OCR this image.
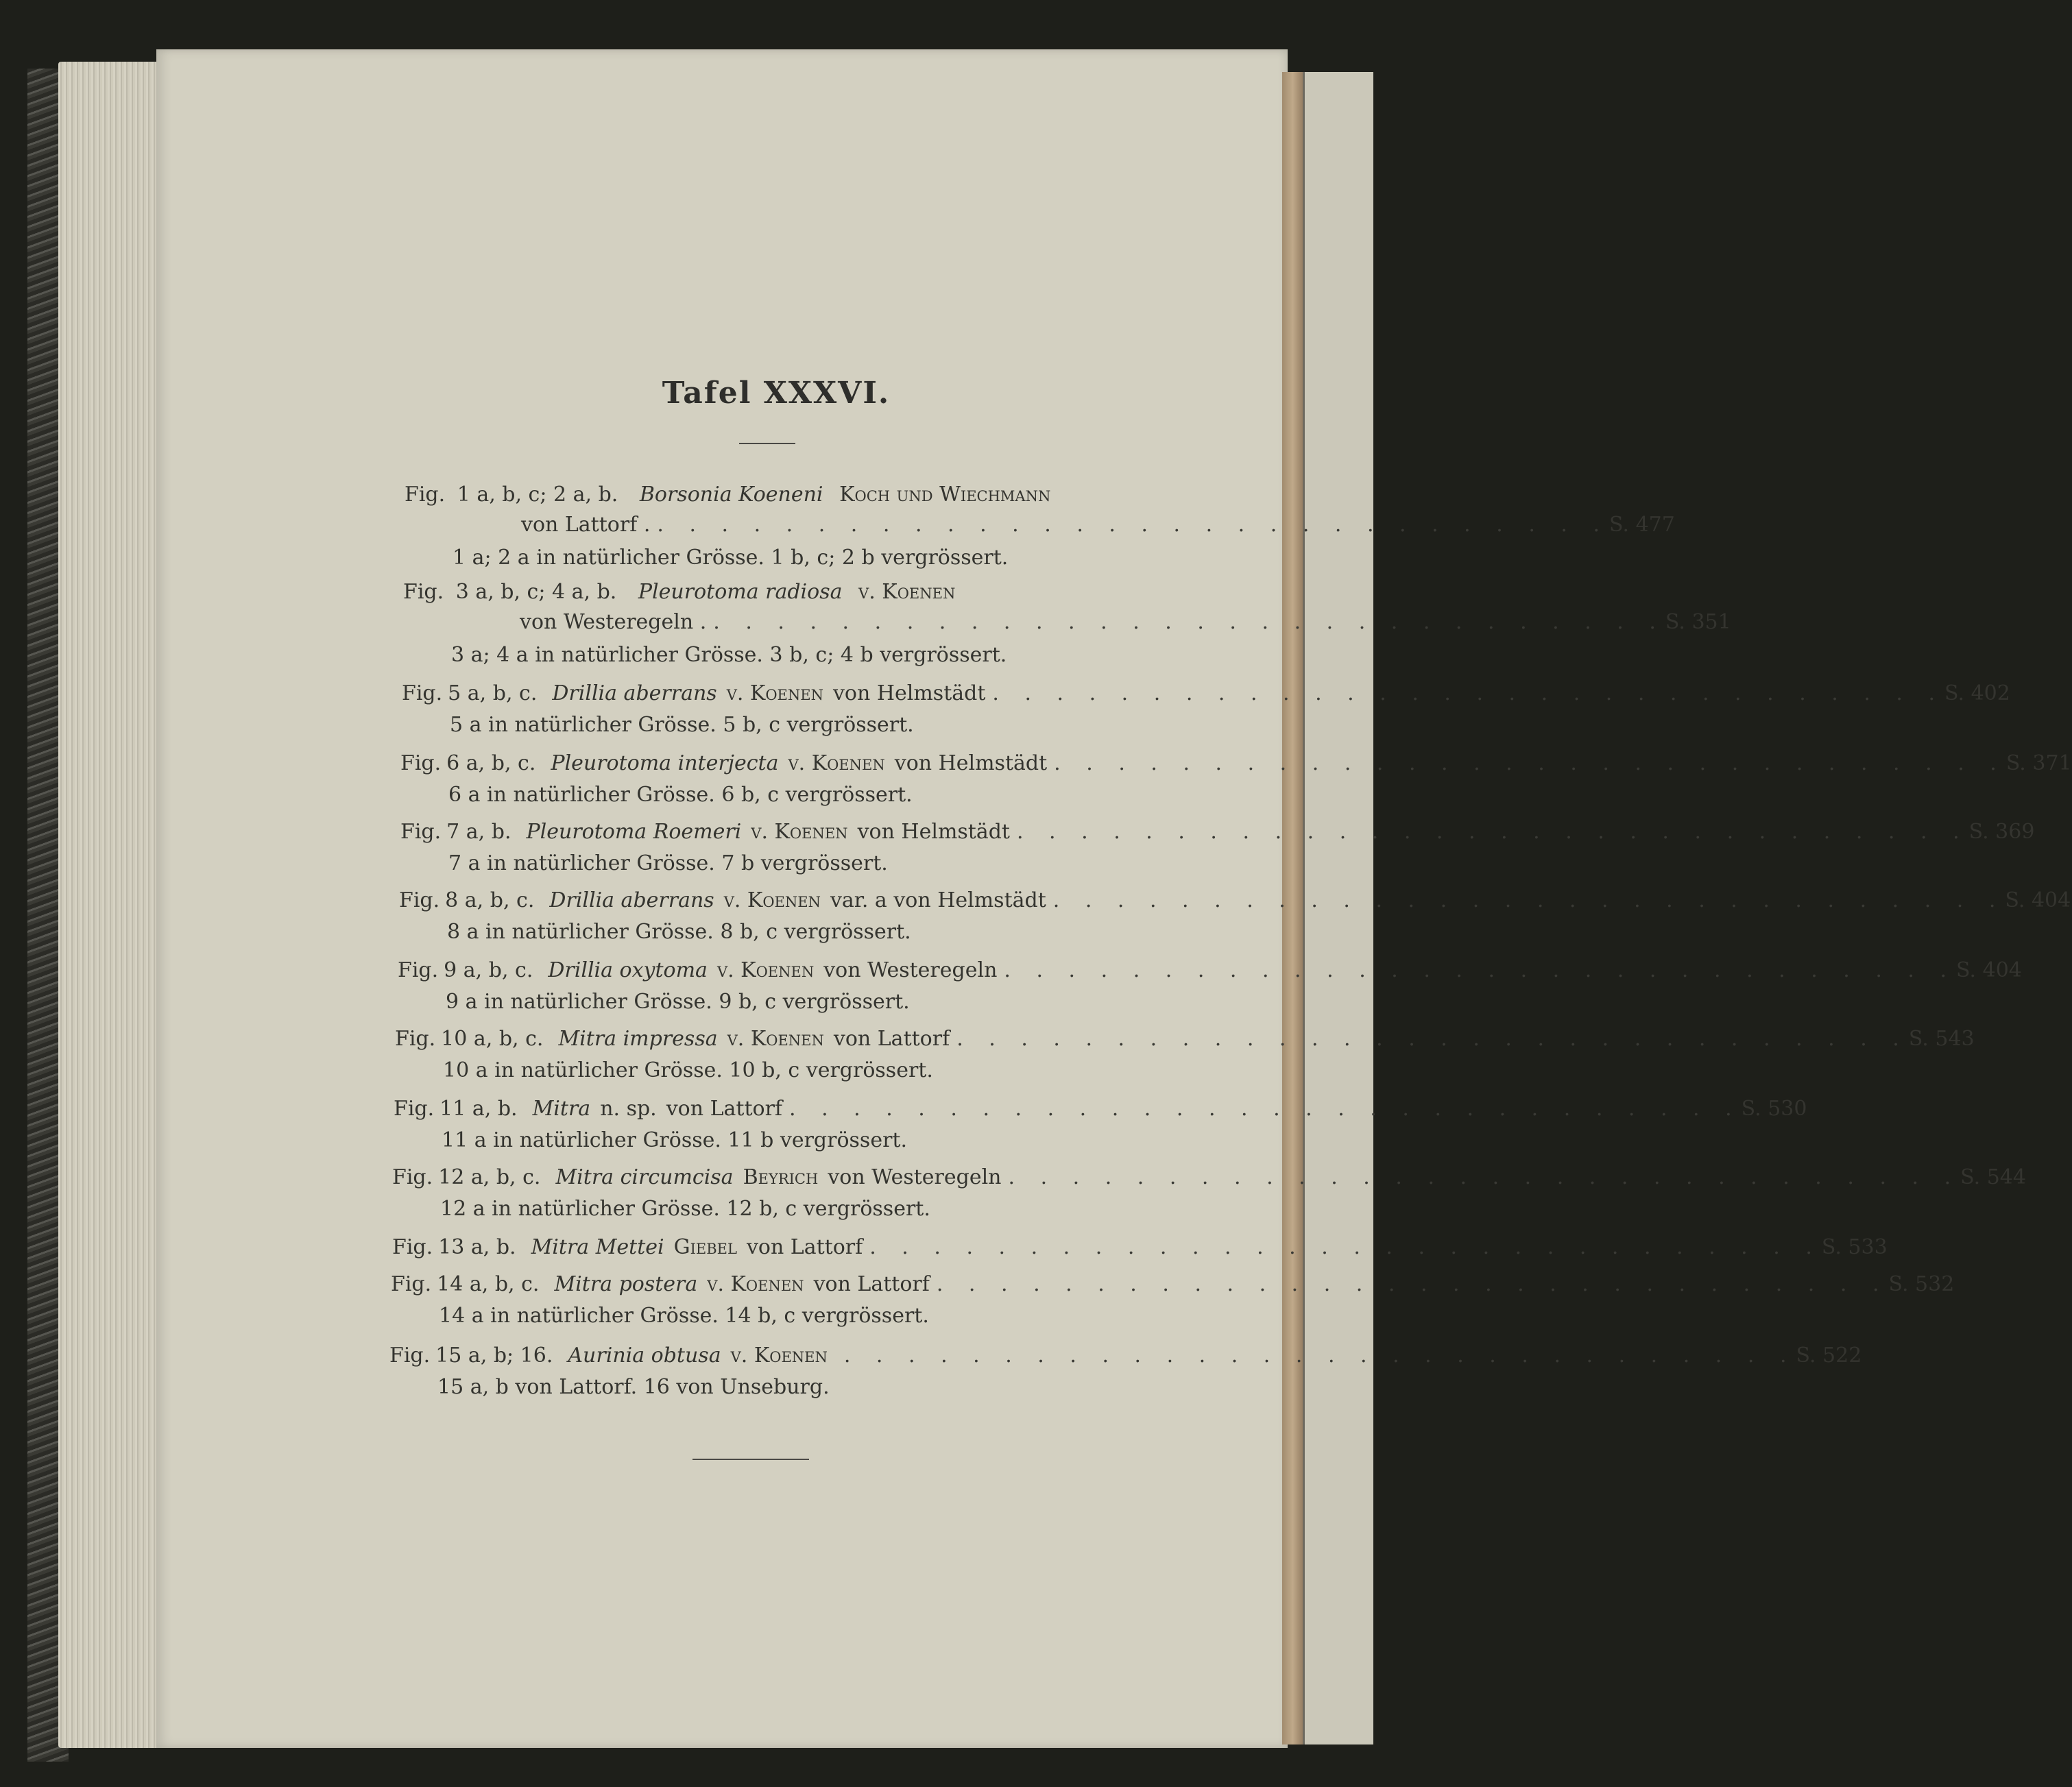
Tafel XXXVI.
Fig. 1 a, b, c; 2 a, b. Borsonia Koeneni Koch und Wiechmann
von Lattorf . . . . . . . . . . . . . . . . . . . . . . . . . . . . . . . S. 477
1 a; 2 a in natürlicher Grösse. 1 b, c; 2 b vergrössert.
Fig. 3 a, b, c; 4 a, b. Pleurotoma radiosa v. Koenen
von Westeregeln . . . . . . . . . . . . . . . . . . . . . . . . . . . . . . . S. 351
3 a; 4 a in natürlicher Grösse. 3 b, c; 4 b vergrössert.
Fig. 5 a, b, c. Drillia aberrans v. Koenen von Helmstädt . . . . . . . . . . . . . . . . . . . . . . . . . . . . . . S. 402
5 a in natürlicher Grösse. 5 b, c vergrössert.
Fig. 6 a, b, c. Pleurotoma interjecta v. Koenen von Helmstädt . . . . . . . . . . . . . . . . . . . . . . . . . . . . . . S. 371
6 a in natürlicher Grösse. 6 b, c vergrössert.
Fig. 7 a, b. Pleurotoma Roemeri v. Koenen von Helmstädt . . . . . . . . . . . . . . . . . . . . . . . . . . . . . . S. 369
7 a in natürlicher Grösse. 7 b vergrössert.
Fig. 8 a, b, c. Drillia aberrans v. Koenen var. a von Helmstädt . . . . . . . . . . . . . . . . . . . . . . . . . . . . . . S. 404
8 a in natürlicher Grösse. 8 b, c vergrössert.
Fig. 9 a, b, c. Drillia oxytoma v. Koenen von Westeregeln . . . . . . . . . . . . . . . . . . . . . . . . . . . . . . S. 404
9 a in natürlicher Grösse. 9 b, c vergrössert.
Fig. 10 a, b, c. Mitra impressa v. Koenen von Lattorf . . . . . . . . . . . . . . . . . . . . . . . . . . . . . . S. 543
10 a in natürlicher Grösse. 10 b, c vergrössert.
Fig. 11 a, b. Mitra n. sp. von Lattorf . . . . . . . . . . . . . . . . . . . . . . . . . . . . . . S. 530
11 a in natürlicher Grösse. 11 b vergrössert.
Fig. 12 a, b, c. Mitra circumcisa Beyrich von Westeregeln . . . . . . . . . . . . . . . . . . . . . . . . . . . . . . S. 544
12 a in natürlicher Grösse. 12 b, c vergrössert.
Fig. 13 a, b. Mitra Mettei Giebel von Lattorf . . . . . . . . . . . . . . . . . . . . . . . . . . . . . . S. 533
Fig. 14 a, b, c. Mitra postera v. Koenen von Lattorf . . . . . . . . . . . . . . . . . . . . . . . . . . . . . . S. 532
14 a in natürlicher Grösse. 14 b, c vergrössert.
Fig. 15 a, b; 16. Aurinia obtusa v. Koenen . . . . . . . . . . . . . . . . . . . . . . . . . . . . . . S. 522
15 a, b von Lattorf. 16 von Unseburg.
